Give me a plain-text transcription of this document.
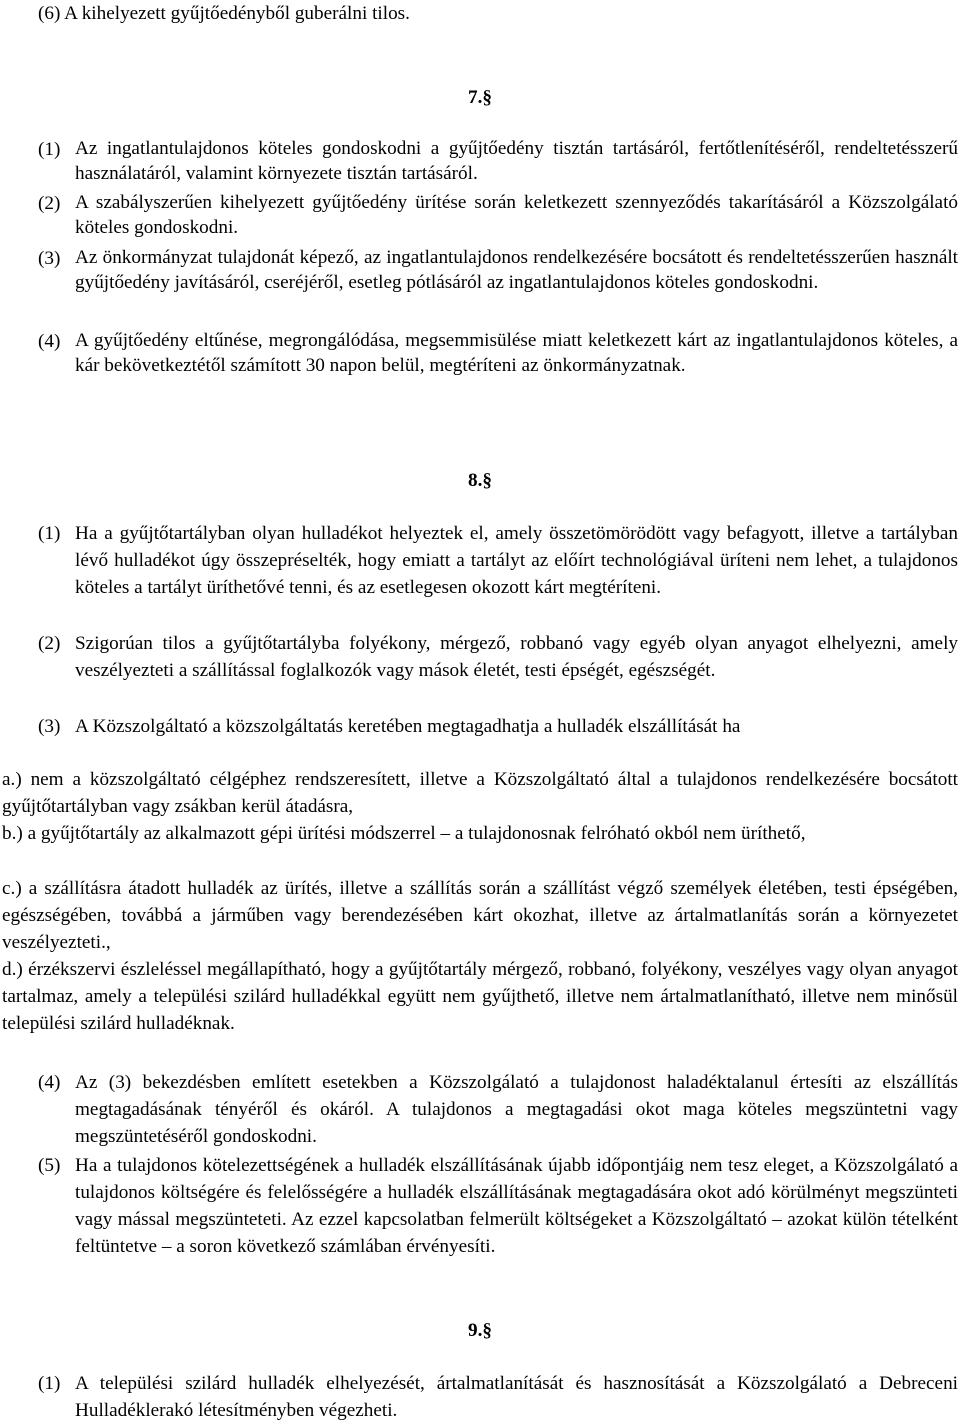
(6) A kihelyezett gyűjtőedényből guberálni tilos.
7.§
(1) Az ingatlantulajdonos köteles gondoskodni a gyűjtőedény tisztán tartásáról, fertőtlenítéséről, rendeltetésszerű használatáról, valamint környezete tisztán tartásáról.
(2) A szabályszerűen kihelyezett gyűjtőedény ürítése során keletkezett szennyeződés takarításáról a Közszolgálató köteles gondoskodni.
(3) Az önkormányzat tulajdonát képező, az ingatlantulajdonos rendelkezésére bocsátott és rendeltetésszerűen használt gyűjtőedény javításáról, cseréjéről, esetleg pótlásáról az ingatlantulajdonos köteles gondoskodni.
(4) A gyűjtőedény eltűnése, megrongálódása, megsemmisülése miatt keletkezett kárt az ingatlantulajdonos köteles, a kár bekövetkeztétől számított 30 napon belül, megtéríteni az önkormányzatnak.
8.§
(1) Ha a gyűjtőtartályban olyan hulladékot helyeztek el, amely összetömörödött vagy befagyott, illetve a tartályban lévő hulladékot úgy összepréselték, hogy emiatt a tartályt az előírt technológiával üríteni nem lehet, a tulajdonos köteles a tartályt üríthetővé tenni, és az esetlegesen okozott kárt megtéríteni.
(2) Szigorúan tilos a gyűjtőtartályba folyékony, mérgező, robbanó vagy egyéb olyan anyagot elhelyezni, amely veszélyezteti a szállítással foglalkozók vagy mások életét, testi épségét, egészségét.
(3) A Közszolgáltató a közszolgáltatás keretében megtagadhatja a hulladék elszállítását ha
a.) nem a közszolgáltató célgéphez rendszeresített, illetve a Közszolgáltató által a tulajdonos rendelkezésére bocsátott gyűjtőtartályban vagy zsákban kerül átadásra,
b.) a gyűjtőtartály az alkalmazott gépi ürítési módszerrel – a tulajdonosnak felróható okból nem üríthető,
c.) a szállításra átadott hulladék az ürítés, illetve a szállítás során a szállítást végző személyek életében, testi épségében, egészségében, továbbá a járműben vagy berendezésében kárt okozhat, illetve az ártalmatlanítás során a környezetet veszélyezteti.,
d.) érzékszervi észleléssel megállapítható, hogy a gyűjtőtartály mérgező, robbanó, folyékony, veszélyes vagy olyan anyagot tartalmaz, amely a települési szilárd hulladékkal együtt nem gyűjthető, illetve nem ártalmatlanítható, illetve nem minősül települési szilárd hulladéknak.
(4) Az (3) bekezdésben említett esetekben a Közszolgálató a tulajdonost haladéktalanul értesíti az elszállítás megtagadásának tényéről és okáról. A tulajdonos a megtagadási okot maga köteles megszüntetni vagy megszüntetéséről gondoskodni.
(5) Ha a tulajdonos kötelezettségének a hulladék elszállításának újabb időpontjáig nem tesz eleget, a Közszolgálató a tulajdonos költségére és felelősségére a hulladék elszállításának megtagadására okot adó körülményt megszünteti vagy mással megszünteteti. Az ezzel kapcsolatban felmerült költségeket a Közszolgáltató – azokat külön tételként feltüntetve – a soron következő számlában érvényesíti.
9.§
(1) A települési szilárd hulladék elhelyezését, ártalmatlanítását és hasznosítását a Közszolgálató a Debreceni Hulladéklerakó létesítményben végezheti.
